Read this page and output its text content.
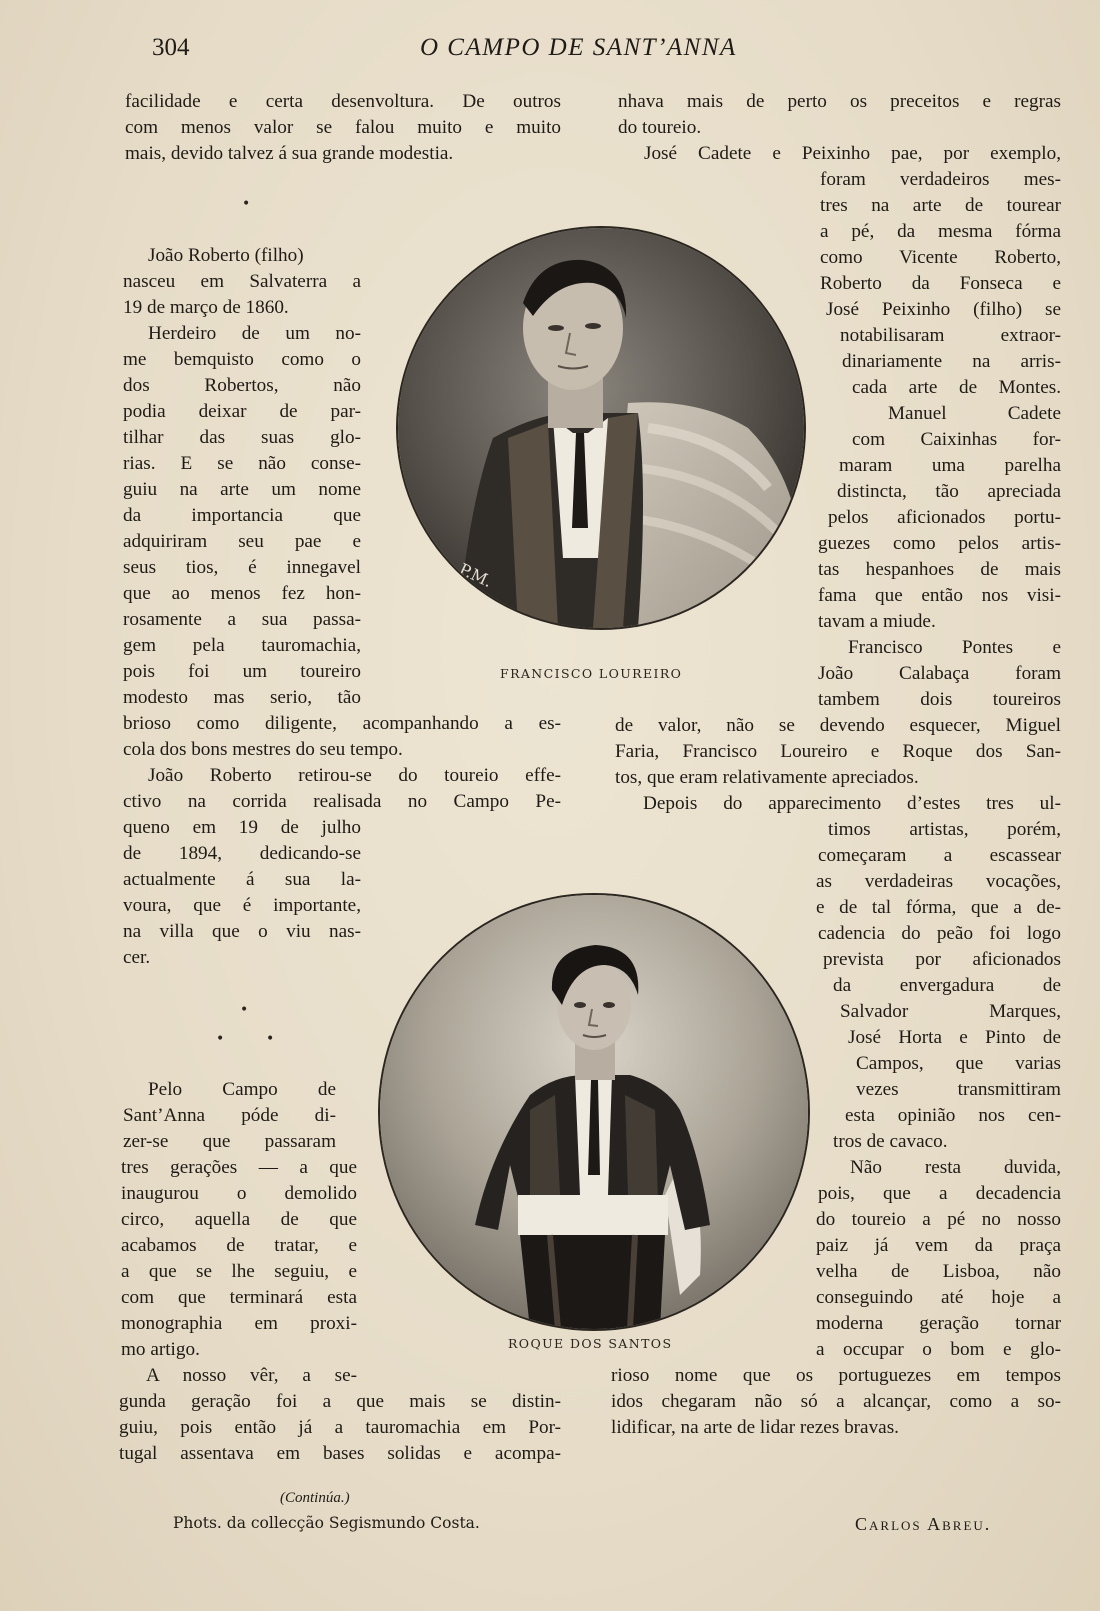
304	O CAMPO DE SANT’ANNA
facilidade e certa desenvoltura. De outros
com menos valor se falou muito e muito
mais, devido talvez á sua grande modestia.
•
João Roberto (filho)
nasceu em Salvaterra a
19 de março de 1860.
Herdeiro de um no-
me bemquisto como o
dos Robertos, não
podia deixar de par-
tilhar das suas glo-
rias. E se não conse-
guiu na arte um nome
da importancia que
adquiriram seu pae e
seus tios, é innegavel
que ao menos fez hon-
rosamente a sua passa-
gem pela tauromachia,
pois foi um toureiro
modesto mas serio, tão
brioso como diligente, acompanhando a es-
cola dos bons mestres do seu tempo.
João Roberto retirou-se do toureio effe-
ctivo na corrida realisada no Campo Pe-
queno em 19 de julho
de 1894, dedicando-se
actualmente á sua la-
voura, que é importante,
na villa que o viu nas-
cer.
•
•	•
Pelo Campo de
Sant’Anna póde di-
zer-se que passaram
tres gerações — a que
inaugurou o demolido
circo, aquella de que
acabamos de tratar, e
a que se lhe seguiu, e
com que terminará esta
monographia em proxi-
mo artigo.
A nosso vêr, a se-
gunda geração foi a que mais se distin-
guiu, pois então já a tauromachia em Por-
tugal assentava em bases solidas e acompa-
nhava mais de perto os preceitos e regras
do toureio.
José Cadete e Peixinho pae, por exemplo,
foram verdadeiros mes-
tres na arte de tourear
a pé, da mesma fórma
como Vicente Roberto,
Roberto da Fonseca e
José Peixinho (filho) se
notabilisaram extraor-
dinariamente na arris-
cada arte de Montes.
Manuel Cadete
com Caixinhas for-
maram uma parelha
distincta, tão apreciada
pelos aficionados portu-
guezes como pelos artis-
tas hespanhoes de mais
fama que então nos visi-
tavam a miude.
Francisco Pontes e
João Calabaça foram
tambem dois toureiros
de valor, não se devendo esquecer, Miguel
Faria, Francisco Loureiro e Roque dos San-
tos, que eram relativamente apreciados.
Depois do apparecimento d’estes tres ul-
timos artistas, porém,
começaram a escassear
as verdadeiras vocações,
e de tal fórma, que a de-
cadencia do peão foi logo
prevista por aficionados
da envergadura de
Salvador Marques,
José Horta e Pinto de
Campos, que varias
vezes transmittiram
esta opinião nos cen-
tros de cavaco.
Não resta duvida,
pois, que a decadencia
do toureio a pé no nosso
paiz já vem da praça
velha de Lisboa, não
conseguindo até hoje a
moderna geração tornar
a occupar o bom e glo-
rioso nome que os portuguezes em tempos
idos chegaram não só a alcançar, como a so-
lidificar, na arte de lidar rezes bravas.
P.M.
FRANCISCO LOUREIRO
ROQUE DOS SANTOS
(Continúa.)
Phots. da collecção Segismundo Costa.	Carlos Abreu.
